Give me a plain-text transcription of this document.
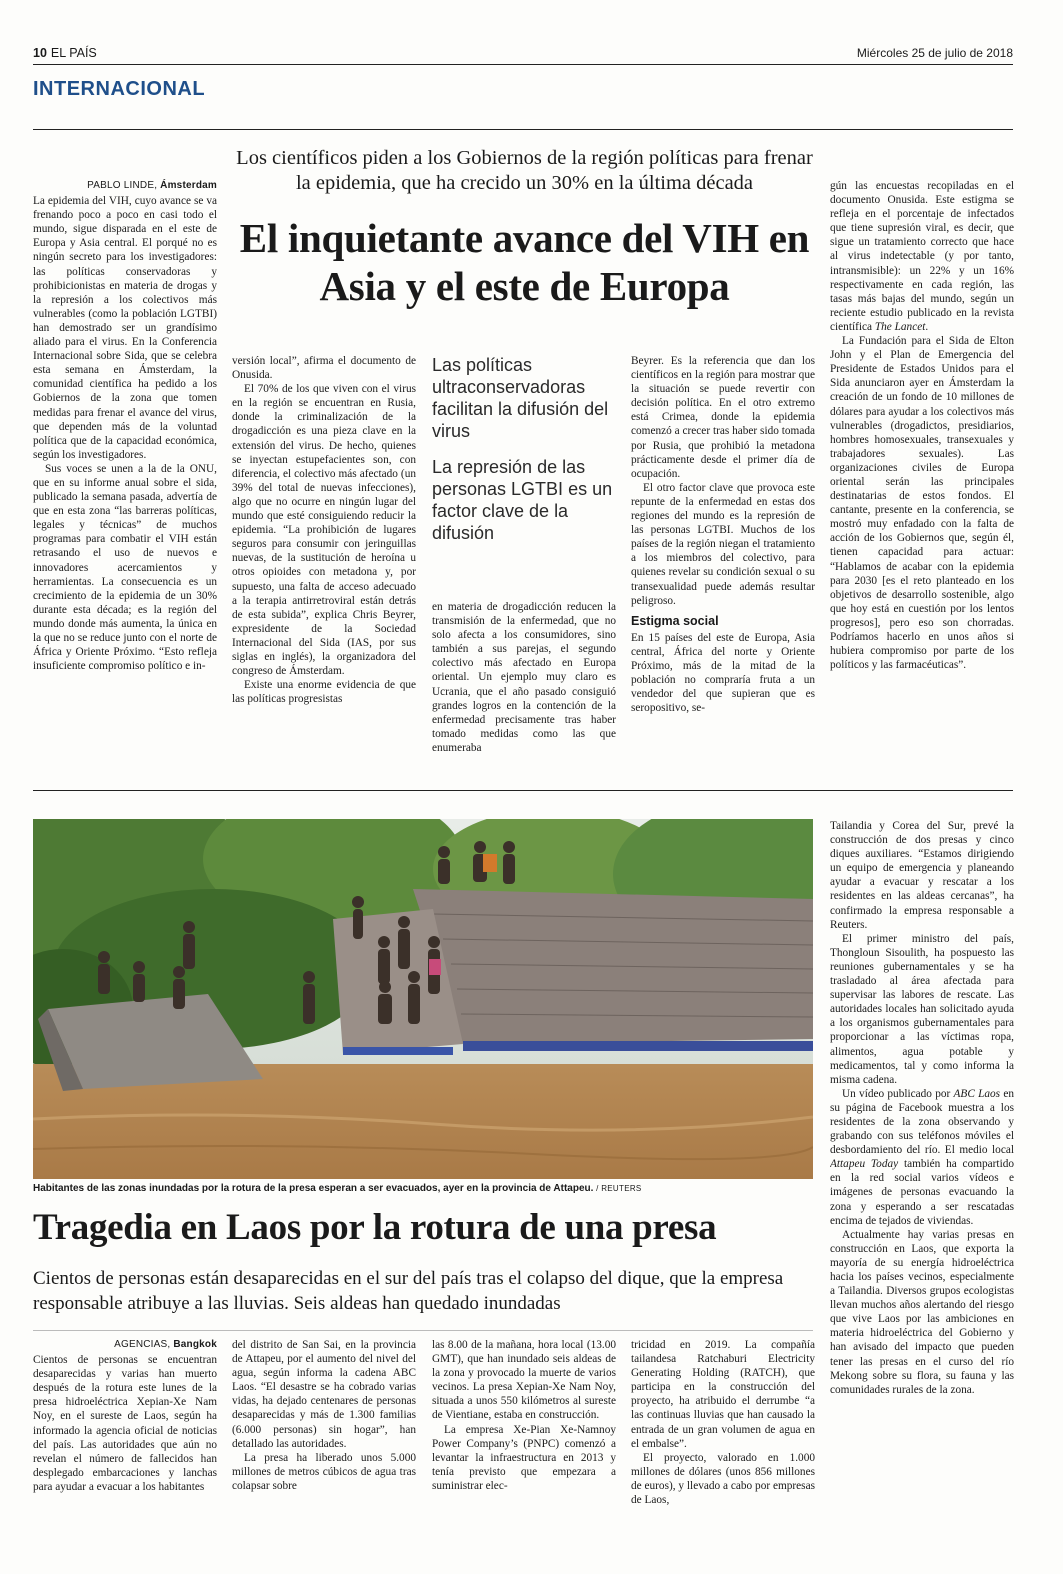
10 EL PAÍS	Miércoles 25 de julio de 2018
INTERNACIONAL
Los científicos piden a los Gobiernos de la región políticas para frenar la epidemia, que ha crecido un 30% en la última década
El inquietante avance del VIH en Asia y el este de Europa
PABLO LINDE, Ámsterdam

La epidemia del VIH, cuyo avance se va frenando poco a poco en casi todo el mundo, sigue disparada en el este de Europa y Asia central. El porqué no es ningún secreto para los investigadores: las políticas conservadoras y prohibicionistas en materia de drogas y la represión a los colectivos más vulnerables (como la población LGTBI) han demostrado ser un grandísimo aliado para el virus. En la Conferencia Internacional sobre Sida, que se celebra esta semana en Ámsterdam, la comunidad científica ha pedido a los Gobiernos de la zona que tomen medidas para frenar el avance del virus, que dependen más de la voluntad política que de la capacidad económica, según los investigadores.

Sus voces se unen a la de la ONU, que en su informe anual sobre el sida, publicado la semana pasada, advertía de que en esta zona “las barreras políticas, legales y técnicas” de muchos programas para combatir el VIH están retrasando el uso de nuevos e innovadores acercamientos y herramientas. La consecuencia es un crecimiento de la epidemia de un 30% durante esta década; es la región del mundo donde más aumenta, la única en la que no se reduce junto con el norte de África y Oriente Próximo. “Esto refleja insuficiente compromiso político e in-

versión local”, afirma el documento de Onusida.

El 70% de los que viven con el virus en la región se encuentran en Rusia, donde la criminalización de la drogadicción es una pieza clave en la extensión del virus. De hecho, quienes se inyectan estupefacientes son, con diferencia, el colectivo más afectado (un 39% del total de nuevas infecciones), algo que no ocurre en ningún lugar del mundo que esté consiguiendo reducir la epidemia. “La prohibición de lugares seguros para consumir con jeringuillas nuevas, de la sustitución de heroína u otros opioides con metadona y, por supuesto, una falta de acceso adecuado a la terapia antirretroviral están detrás de esta subida”, explica Chris Beyrer, expresidente de la Sociedad Internacional del Sida (IAS, por sus siglas en inglés), la organizadora del congreso de Ámsterdam.

Existe una enorme evidencia de que las políticas progresistas

Las políticas ultraconservadoras facilitan la difusión del virus
La represión de las personas LGTBI es un factor clave de la difusión

en materia de drogadicción reducen la transmisión de la enfermedad, que no solo afecta a los consumidores, sino también a sus parejas, el segundo colectivo más afectado en Europa oriental. Un ejemplo muy claro es Ucrania, que el año pasado consiguió grandes logros en la contención de la enfermedad precisamente tras haber tomado medidas como las que enumeraba

Beyrer. Es la referencia que dan los científicos en la región para mostrar que la situación se puede revertir con decisión política. En el otro extremo está Crimea, donde la epidemia comenzó a crecer tras haber sido tomada por Rusia, que prohibió la metadona prácticamente desde el primer día de ocupación.

El otro factor clave que provoca este repunte de la enfermedad en estas dos regiones del mundo es la represión de las personas LGTBI. Muchos de los países de la región niegan el tratamiento a los miembros del colectivo, para quienes revelar su condición sexual o su transexualidad puede además resultar peligroso.

Estigma social

En 15 países del este de Europa, Asia central, África del norte y Oriente Próximo, más de la mitad de la población no compraría fruta a un vendedor del que supieran que es seropositivo, se-

gún las encuestas recopiladas en el documento Onusida. Este estigma se refleja en el porcentaje de infectados que tiene supresión viral, es decir, que sigue un tratamiento correcto que hace al virus indetectable (y por tanto, intransmisible): un 22% y un 16% respectivamente en cada región, las tasas más bajas del mundo, según un reciente estudio publicado en la revista científica The Lancet.

La Fundación para el Sida de Elton John y el Plan de Emergencia del Presidente de Estados Unidos para el Sida anunciaron ayer en Ámsterdam la creación de un fondo de 10 millones de dólares para ayudar a los colectivos más vulnerables (drogadictos, presidiarios, hombres homosexuales, transexuales y trabajadores sexuales). Las organizaciones civiles de Europa oriental serán las principales destinatarias de estos fondos. El cantante, presente en la conferencia, se mostró muy enfadado con la falta de acción de los Gobiernos que, según él, tienen capacidad para actuar: “Hablamos de acabar con la epidemia para 2030 [es el reto planteado en los objetivos de desarrollo sostenible, algo que hoy está en cuestión por los lentos progresos], pero eso son chorradas. Podríamos hacerlo en unos años si hubiera compromiso por parte de los políticos y las farmacéuticas”.

Habitantes de las zonas inundadas por la rotura de la presa esperan a ser evacuados, ayer en la provincia de Attapeu. / REUTERS
Tragedia en Laos por la rotura de una presa
Cientos de personas están desaparecidas en el sur del país tras el colapso del dique, que la empresa responsable atribuye a las lluvias. Seis aldeas han quedado inundadas
AGENCIAS, Bangkok

Cientos de personas se encuentran desaparecidas y varias han muerto después de la rotura este lunes de la presa hidroeléctrica Xepian-Xe Nam Noy, en el sureste de Laos, según ha informado la agencia oficial de noticias del país. Las autoridades que aún no revelan el número de fallecidos han desplegado embarcaciones y lanchas para ayudar a evacuar a los habitantes

del distrito de San Sai, en la provincia de Attapeu, por el aumento del nivel del agua, según informa la cadena ABC Laos. “El desastre se ha cobrado varias vidas, ha dejado centenares de personas desaparecidas y más de 1.300 familias (6.000 personas) sin hogar”, han detallado las autoridades.

La presa ha liberado unos 5.000 millones de metros cúbicos de agua tras colapsar sobre

las 8.00 de la mañana, hora local (13.00 GMT), que han inundado seis aldeas de la zona y provocado la muerte de varios vecinos. La presa Xepian-Xe Nam Noy, situada a unos 550 kilómetros al sureste de Vientiane, estaba en construcción.

La empresa Xe-Pian Xe-Namnoy Power Company’s (PNPC) comenzó a levantar la infraestructura en 2013 y tenía previsto que empezara a suministrar elec-

tricidad en 2019. La compañía tailandesa Ratchaburi Electricity Generating Holding (RATCH), que participa en la construcción del proyecto, ha atribuido el derrumbe “a las continuas lluvias que han causado la entrada de un gran volumen de agua en el embalse”.

El proyecto, valorado en 1.000 millones de dólares (unos 856 millones de euros), y llevado a cabo por empresas de Laos,

Tailandia y Corea del Sur, prevé la construcción de dos presas y cinco diques auxiliares. “Estamos dirigiendo un equipo de emergencia y planeando ayudar a evacuar y rescatar a los residentes en las aldeas cercanas”, ha confirmado la empresa responsable a Reuters.

El primer ministro del país, Thongloun Sisoulith, ha pospuesto las reuniones gubernamentales y se ha trasladado al área afectada para supervisar las labores de rescate. Las autoridades locales han solicitado ayuda a los organismos gubernamentales para proporcionar a las víctimas ropa, alimentos, agua potable y medicamentos, tal y como informa la misma cadena.

Un vídeo publicado por ABC Laos en su página de Facebook muestra a los residentes de la zona observando y grabando con sus teléfonos móviles el desbordamiento del río. El medio local Attapeu Today también ha compartido en la red social varios vídeos e imágenes de personas evacuando la zona y esperando a ser rescatadas encima de tejados de viviendas.

Actualmente hay varias presas en construcción en Laos, que exporta la mayoría de su energía hidroeléctrica hacia los países vecinos, especialmente a Tailandia. Diversos grupos ecologistas llevan muchos años alertando del riesgo que vive Laos por las ambiciones en materia hidroeléctrica del Gobierno y han avisado del impacto que pueden tener las presas en el curso del río Mekong sobre su flora, su fauna y las comunidades rurales de la zona.
